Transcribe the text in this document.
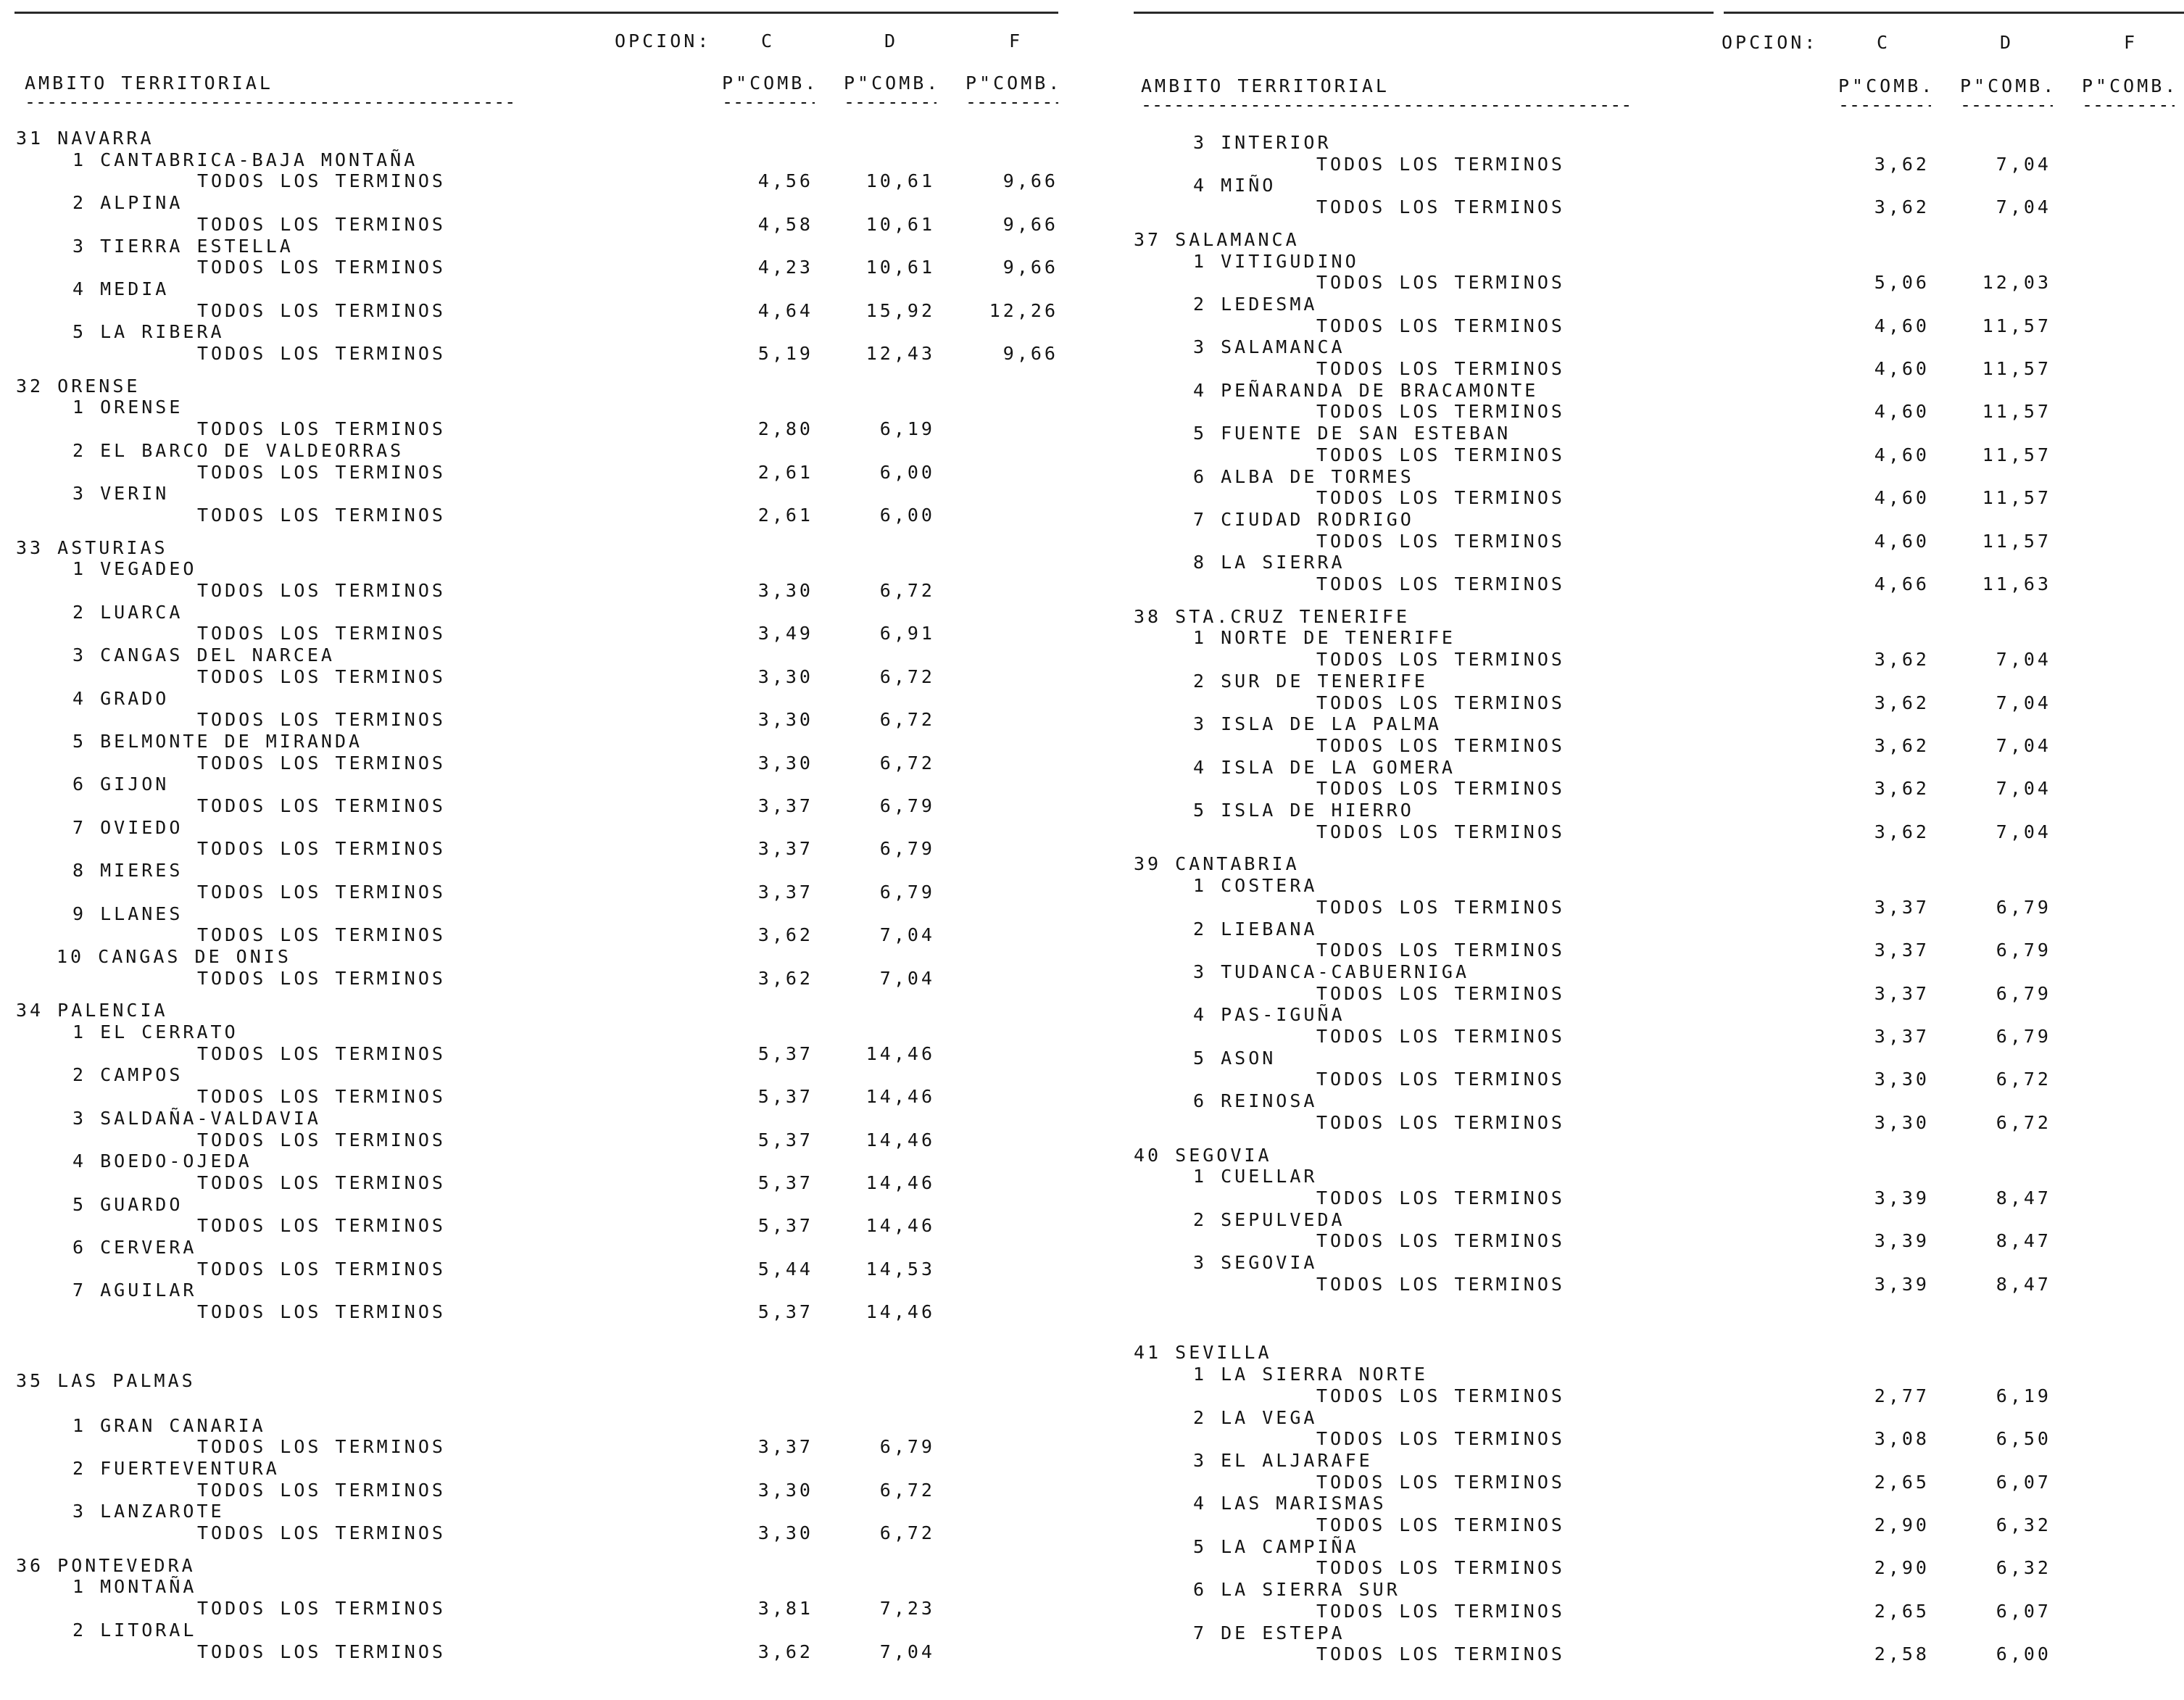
OPCION:	C	D	F
AMBITO TERRITORIAL	P"COMB. P"COMB. P"COMB.
-----
-----
-----
-----
31 NAVARRA
1 CANTABRICA-BAJA MONTAÑA
TODOS LOS TERMINOS	4,56	10,61	9,66
2 ALPINA
TODOS LOS TERMINOS	4,58	10,61	9,66
3 TIERRA ESTELLA
TODOS LOS TERMINOS	4,23	10,61	9,66
4 MEDIA
TODOS LOS TERMINOS	4,64	15,92	12,26
5 LA RIBERA
TODOS LOS TERMINOS	5,19	12,43	9,66
32 ORENSE
1 ORENSE
TODOS LOS TERMINOS	2,80	6,19
2 EL BARCO DE VALDEORRAS
TODOS LOS TERMINOS	2,61	6,00
3 VERIN
TODOS LOS TERMINOS	2,61	6,00
33 ASTURIAS
1 VEGADEO
TODOS LOS TERMINOS	3,30	6,72
2 LUARCA
TODOS LOS TERMINOS	3,49	6,91
3 CANGAS DEL NARCEA
TODOS LOS TERMINOS	3,30	6,72
4 GRADO
TODOS LOS TERMINOS	3,30	6,72
5 BELMONTE DE MIRANDA
TODOS LOS TERMINOS	3,30	6,72
6 GIJON
TODOS LOS TERMINOS	3,37	6,79
7 OVIEDO
TODOS LOS TERMINOS	3,37	6,79
8 MIERES
TODOS LOS TERMINOS	3,37	6,79
9 LLANES
TODOS LOS TERMINOS	3,62	7,04
10 CANGAS DE ONIS
TODOS LOS TERMINOS	3,62	7,04
34 PALENCIA
1 EL CERRATO
TODOS LOS TERMINOS	5,37	14,46
2 CAMPOS
TODOS LOS TERMINOS	5,37	14,46
3 SALDAÑA-VALDAVIA
TODOS LOS TERMINOS	5,37	14,46
4 BOEDO-OJEDA
TODOS LOS TERMINOS	5,37	14,46
5 GUARDO
TODOS LOS TERMINOS	5,37	14,46
6 CERVERA
TODOS LOS TERMINOS	5,44	14,53
7 AGUILAR
TODOS LOS TERMINOS	5,37	14,46
35 LAS PALMAS
1 GRAN CANARIA
TODOS LOS TERMINOS	3,37	6,79
2 FUERTEVENTURA
TODOS LOS TERMINOS	3,30	6,72
3 LANZAROTE
TODOS LOS TERMINOS	3,30	6,72
36 PONTEVEDRA
1 MONTAÑA
TODOS LOS TERMINOS	3,81	7,23
2 LITORAL
TODOS LOS TERMINOS	3,62	7,04
OPCION:	C	D	F
AMBITO TERRITORIAL	P"COMB. P"COMB. P"COMB.
-----
-----
-----
-----
3 INTERIOR
TODOS LOS TERMINOS	3,62	7,04
4 MIÑO
TODOS LOS TERMINOS	3,62	7,04
37 SALAMANCA
1 VITIGUDINO
TODOS LOS TERMINOS	5,06	12,03
2 LEDESMA
TODOS LOS TERMINOS	4,60	11,57
3 SALAMANCA
TODOS LOS TERMINOS	4,60	11,57
4 PEÑARANDA DE BRACAMONTE
TODOS LOS TERMINOS	4,60	11,57
5 FUENTE DE SAN ESTEBAN
TODOS LOS TERMINOS	4,60	11,57
6 ALBA DE TORMES
TODOS LOS TERMINOS	4,60	11,57
7 CIUDAD RODRIGO
TODOS LOS TERMINOS	4,60	11,57
8 LA SIERRA
TODOS LOS TERMINOS	4,66	11,63
38 STA.CRUZ TENERIFE
1 NORTE DE TENERIFE
TODOS LOS TERMINOS	3,62	7,04
2 SUR DE TENERIFE
TODOS LOS TERMINOS	3,62	7,04
3 ISLA DE LA PALMA
TODOS LOS TERMINOS	3,62	7,04
4 ISLA DE LA GOMERA
TODOS LOS TERMINOS	3,62	7,04
5 ISLA DE HIERRO
TODOS LOS TERMINOS	3,62	7,04
39 CANTABRIA
1 COSTERA
TODOS LOS TERMINOS	3,37	6,79
2 LIEBANA
TODOS LOS TERMINOS	3,37	6,79
3 TUDANCA-CABUERNIGA
TODOS LOS TERMINOS	3,37	6,79
4 PAS-IGUÑA
TODOS LOS TERMINOS	3,37	6,79
5 ASON
TODOS LOS TERMINOS	3,30	6,72
6 REINOSA
TODOS LOS TERMINOS	3,30	6,72
40 SEGOVIA
1 CUELLAR
TODOS LOS TERMINOS	3,39	8,47
2 SEPULVEDA
TODOS LOS TERMINOS	3,39	8,47
3 SEGOVIA
TODOS LOS TERMINOS	3,39	8,47
41 SEVILLA
1 LA SIERRA NORTE
TODOS LOS TERMINOS	2,77	6,19
2 LA VEGA
TODOS LOS TERMINOS	3,08	6,50
3 EL ALJARAFE
TODOS LOS TERMINOS	2,65	6,07
4 LAS MARISMAS
TODOS LOS TERMINOS	2,90	6,32
5 LA CAMPIÑA
TODOS LOS TERMINOS	2,90	6,32
6 LA SIERRA SUR
TODOS LOS TERMINOS	2,65	6,07
7 DE ESTEPA
TODOS LOS TERMINOS	2,58	6,00
